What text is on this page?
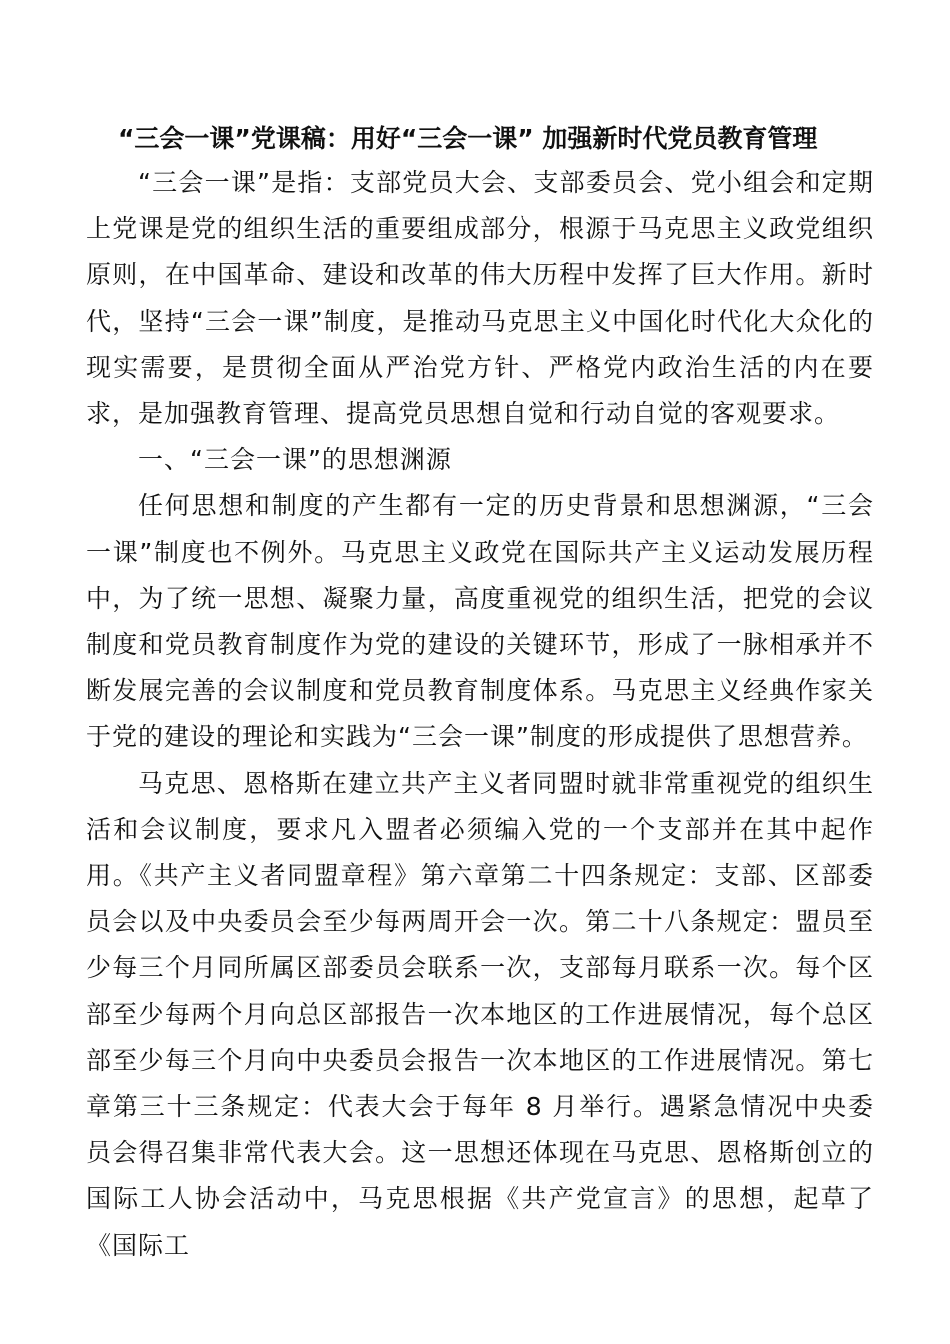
“三会一课”党课稿：用好“三会一课” 加强新时代党员教育管理

“三会一课”是指：支部党员大会、支部委员会、党小组会和定期上党课是党的组织生活的重要组成部分，根源于马克思主义政党组织原则，在中国革命、建设和改革的伟大历程中发挥了巨大作用。新时代，坚持“三会一课”制度，是推动马克思主义中国化时代化大众化的现实需要，是贯彻全面从严治党方针、严格党内政治生活的内在要求，是加强教育管理、提高党员思想自觉和行动自觉的客观要求。

一、“三会一课”的思想渊源

任何思想和制度的产生都有一定的历史背景和思想渊源，“三会一课”制度也不例外。马克思主义政党在国际共产主义运动发展历程中，为了统一思想、凝聚力量，高度重视党的组织生活，把党的会议制度和党员教育制度作为党的建设的关键环节，形成了一脉相承并不断发展完善的会议制度和党员教育制度体系。马克思主义经典作家关于党的建设的理论和实践为“三会一课”制度的形成提供了思想营养。

马克思、恩格斯在建立共产主义者同盟时就非常重视党的组织生活和会议制度，要求凡入盟者必须编入党的一个支部并在其中起作用。《共产主义者同盟章程》第六章第二十四条规定：支部、区部委员会以及中央委员会至少每两周开会一次。第二十八条规定：盟员至少每三个月同所属区部委员会联系一次，支部每月联系一次。每个区部至少每两个月向总区部报告一次本地区的工作进展情况，每个总区部至少每三个月向中央委员会报告一次本地区的工作进展情况。第七章第三十三条规定：代表大会于每年 8 月举行。遇紧急情况中央委员会得召集非常代表大会。这一思想还体现在马克思、恩格斯创立的国际工人协会活动中，马克思根据《共产党宣言》的思想，起草了《国际工
